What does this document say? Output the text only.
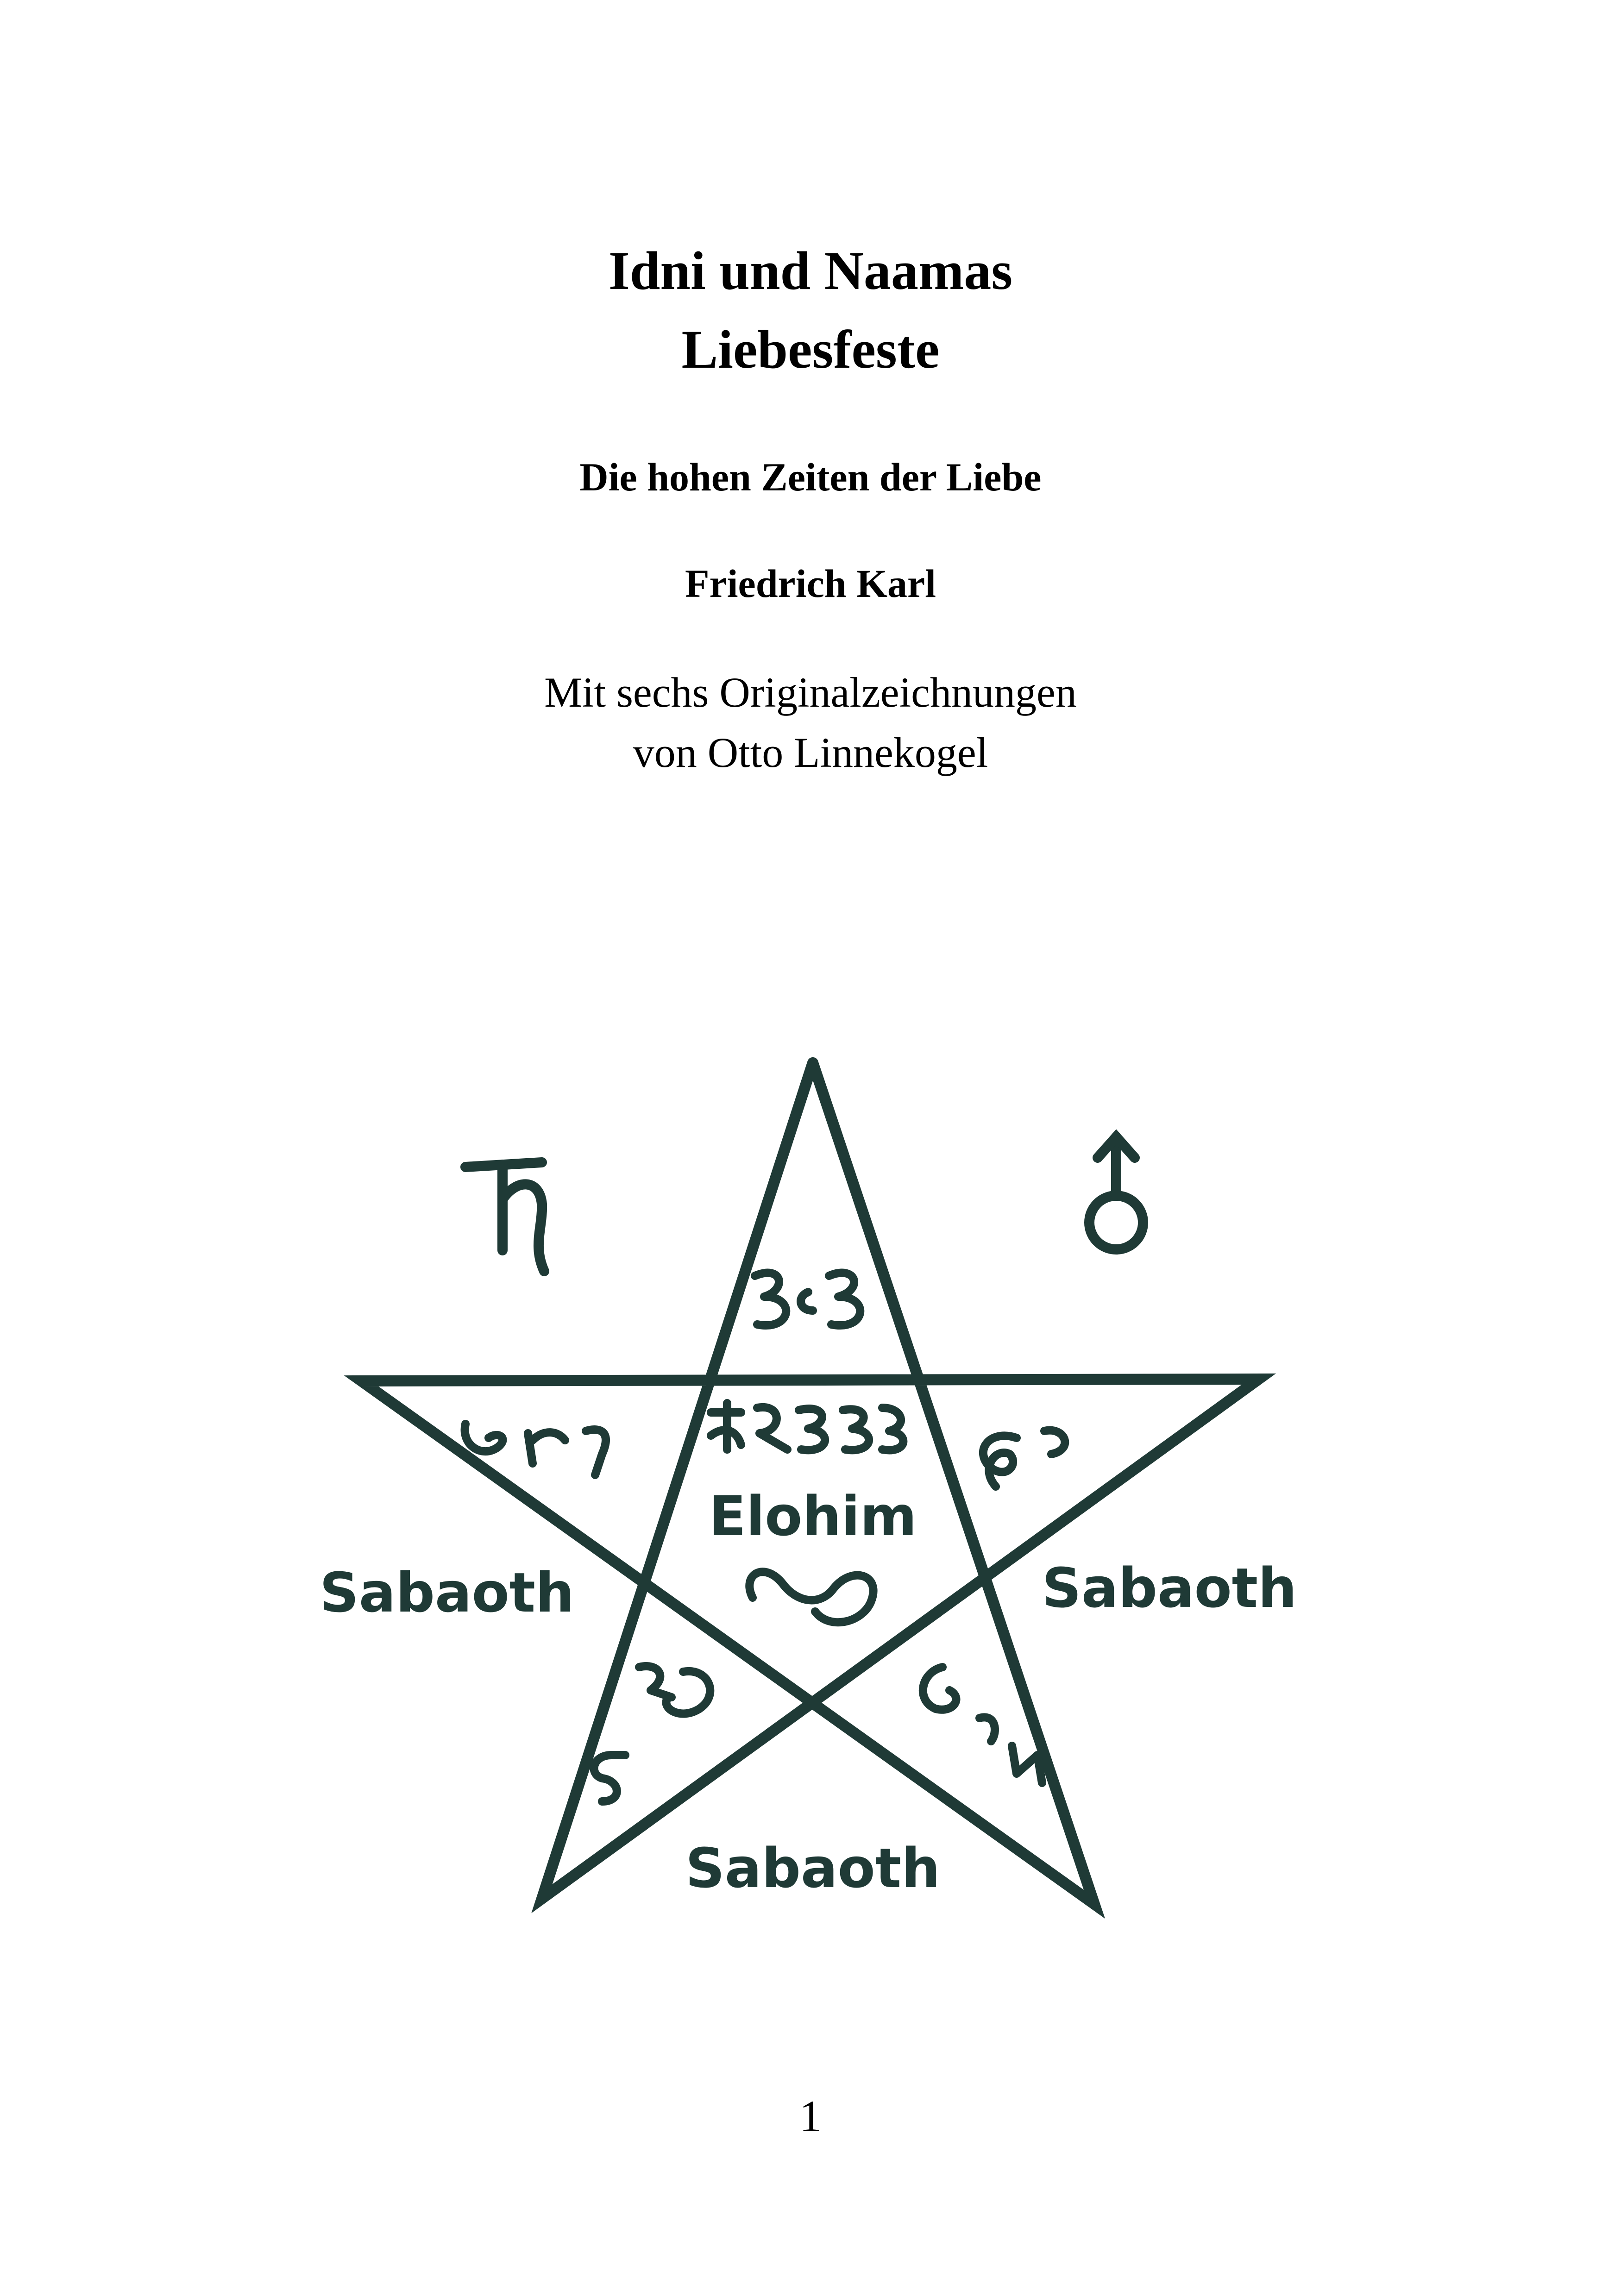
Idni und Naamas
Liebesfeste
Die hohen Zeiten der Liebe
Friedrich Karl
Mit sechs Originalzeichnungen
von Otto Linnekogel
Elohim
Sabaoth	Sabaoth
Sabaoth
1
